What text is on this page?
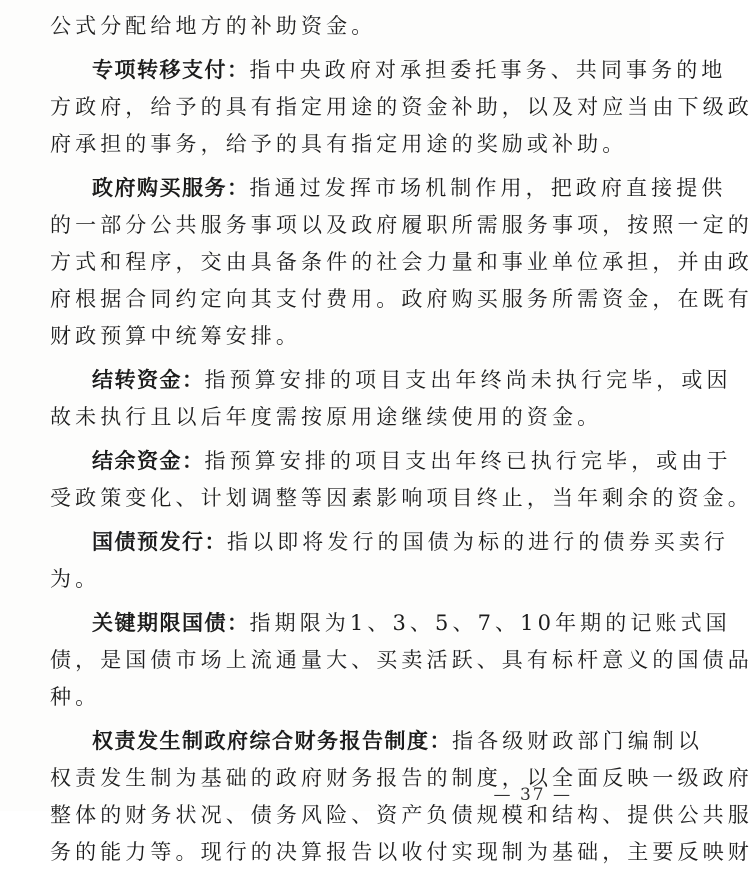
公式分配给地方的补助资金。

专项转移支付：指中央政府对承担委托事务、共同事务的地

方政府，给予的具有指定用途的资金补助，以及对应当由下级政

府承担的事务，给予的具有指定用途的奖励或补助。

政府购买服务：指通过发挥市场机制作用，把政府直接提供

的一部分公共服务事项以及政府履职所需服务事项，按照一定的

方式和程序，交由具备条件的社会力量和事业单位承担，并由政

府根据合同约定向其支付费用。政府购买服务所需资金，在既有

财政预算中统筹安排。

结转资金：指预算安排的项目支出年终尚未执行完毕，或因

故未执行且以后年度需按原用途继续使用的资金。

结余资金：指预算安排的项目支出年终已执行完毕，或由于

受政策变化、计划调整等因素影响项目终止，当年剩余的资金。

国债预发行：指以即将发行的国债为标的进行的债券买卖行

为。

关键期限国债：指期限为1、3、5、7、10年期的记账式国

债，是国债市场上流通量大、买卖活跃、具有标杆意义的国债品

种。

权责发生制政府综合财务报告制度：指各级财政部门编制以

权责发生制为基础的政府财务报告的制度，以全面反映一级政府

整体的财务状况、债务风险、资产负债规模和结构、提供公共服

务的能力等。现行的决算报告以收付实现制为基础，主要反映财

— 37 —
